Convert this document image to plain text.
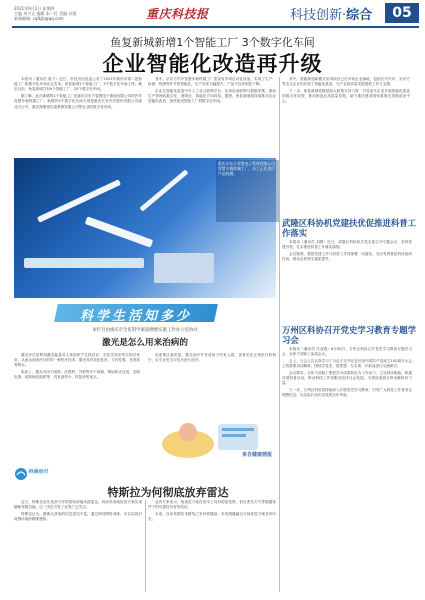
2021年9月2日 星期四
主编 刘兴正 编辑 朱一钉 美编 苏强
新闻邮箱: cqfkjb@qq.com	重庆科技报	科技创新·综合	05
鱼复新城新增1个智能工厂 3个数字化车间
企业智能化改造再升级

本报讯（通讯员 敖力）近日，市经济信息委公布了2021年重庆市第二批智能工厂和数字化车间认定名单，鱼复新城1个智能工厂、3个数字化车间上榜。截至目前，鱼复新城共有9个智能工厂、20个数字化车间。

据了解，此次新增的1个智能工厂是重庆京东方智慧电子系统有限公司的汽车智慧车载终端工厂；新增的3个数字化车间分别是重庆长安汽车股份有限公司渝北分公司、重庆海德世拉索系统有限公司等企业的数字化车间。

其中，京东方汽车智慧车载终端工厂建设有多项自动化设备，实现了生产、检测、物流等环节的智能化，生产效率大幅提升，产品不良率明显下降。

企业在智能化改造中引入工业互联网平台，实现设备联网与数据采集，推动生产管理向数字化、网络化、智能化方向转变。据悉，鱼复新城将持续推动企业智能化改造，加快建设智能工厂和数字化车间。

其中，智能制造新模式应用项目已在多家企业落地，包括长安汽车、京东方等龙头企业均开展了智能化改造，为产业高质量发展提供了有力支撑。

下一步，鱼复新城将继续加大政策支持力度，引导更多企业开展智能化改造和数字化转型，推动制造业高质量发展，助力重庆建设国家重要先进制造业中心。

重庆京东方智慧电子系统有限公司智慧车载终端工厂，员工正在进行产品检测。
武隆区科协机党建扶优促推进科普工作落实

本报讯（通讯员 刘慧）近日，武隆区科协机关党支部召开专题会议，坚持党建引领，扎实推进科普工作落实落细。

会议强调，要把党建工作与科普工作同部署、同落实，充分发挥基层科协组织作用，推动全民科学素质提升。

万州区科协召开党史学习教育专题学习会

本报讯（通讯员 代双晓）8月30日，万州区科协召开党史学习教育专题学习会，全体干部职工参加会议。

会上，与会人员认真学习了习近平总书记在庆祝中国共产党成立100周年大会上的重要讲话精神，围绕学党史、悟思想、办实事、开新局进行交流研讨。

会议要求，全体干部职工要把学习成果转化为工作动力，立足科协职能，积极开展科普活动，推动科技工作者服务经济社会发展，为建设美丽万州贡献科协力量。

下一步，万州区科协将持续深入开展党史学习教育，引导广大科技工作者坚定理想信念，以实际行动庆祝党的百年华诞。

科学生活知多少
本栏目由重庆市全民科学素质纲要实施工作办公室协办
激光是怎么用来治病的

激光疗法是利用激光能量对人体组织产生热效应、光化学效应等生物学作用，从而达到治疗目的的一种医疗技术。激光具有单色性好、方向性强、亮度高等特点。

临床上，激光可用于眼科、皮肤科、外科等多个领域，例如矫正近视、去除色斑、切除病变组织等，具有创伤小、恢复快的优点。

但需要注意的是，激光治疗并非适用于所有人群，患者应在正规医疗机构中，由专业医生评估后进行治疗。

来自健康画报
科海拾贝
特斯拉为何彻底放弃雷达

近日，特斯拉宣布其部分车型将取消毫米波雷达，转而采用纯视觉方案实现辅助驾驶功能。这一决定引发了业界广泛关注。

特斯拉认为，摄像头获取的信息更加丰富，通过神经网络训练，可以实现对周围环境的精准感知。

业内专家表示，纯视觉方案在成本上具有明显优势，但在恶劣天气等极端条件下的可靠性仍有待验证。

未来，自动驾驶技术路线之争仍将继续，多传感器融合与纯视觉方案各有所长。
